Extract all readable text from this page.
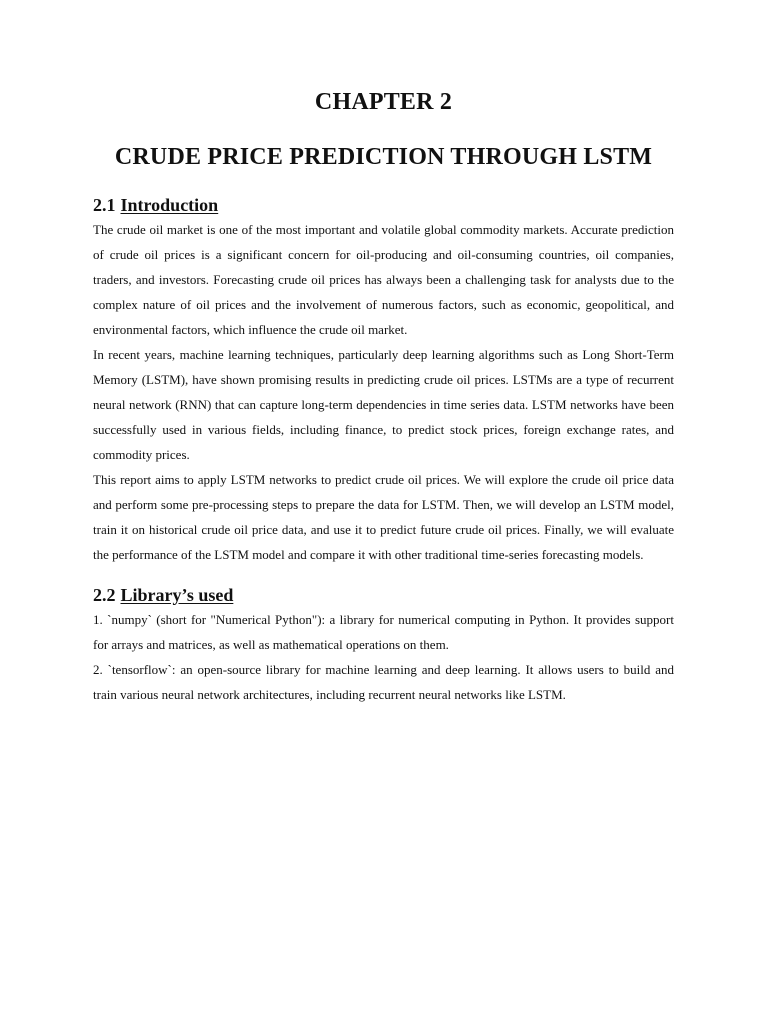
CHAPTER 2
CRUDE PRICE PREDICTION THROUGH LSTM
2.1 Introduction

The crude oil market is one of the most important and volatile global commodity markets. Accurate prediction of crude oil prices is a significant concern for oil-producing and oil-consuming countries, oil companies, traders, and investors. Forecasting crude oil prices has always been a challenging task for analysts due to the complex nature of oil prices and the involvement of numerous factors, such as economic, geopolitical, and environmental factors, which influence the crude oil market.

In recent years, machine learning techniques, particularly deep learning algorithms such as Long Short-Term Memory (LSTM), have shown promising results in predicting crude oil prices. LSTMs are a type of recurrent neural network (RNN) that can capture long-term dependencies in time series data. LSTM networks have been successfully used in various fields, including finance, to predict stock prices, foreign exchange rates, and commodity prices.

This report aims to apply LSTM networks to predict crude oil prices. We will explore the crude oil price data and perform some pre-processing steps to prepare the data for LSTM. Then, we will develop an LSTM model, train it on historical crude oil price data, and use it to predict future crude oil prices. Finally, we will evaluate the performance of the LSTM model and compare it with other traditional time-series forecasting models.

2.2 Library’s used

1. `numpy` (short for "Numerical Python"): a library for numerical computing in Python. It provides support for arrays and matrices, as well as mathematical operations on them.

2. `tensorflow`: an open-source library for machine learning and deep learning. It allows users to build and train various neural network architectures, including recurrent neural networks like LSTM.
